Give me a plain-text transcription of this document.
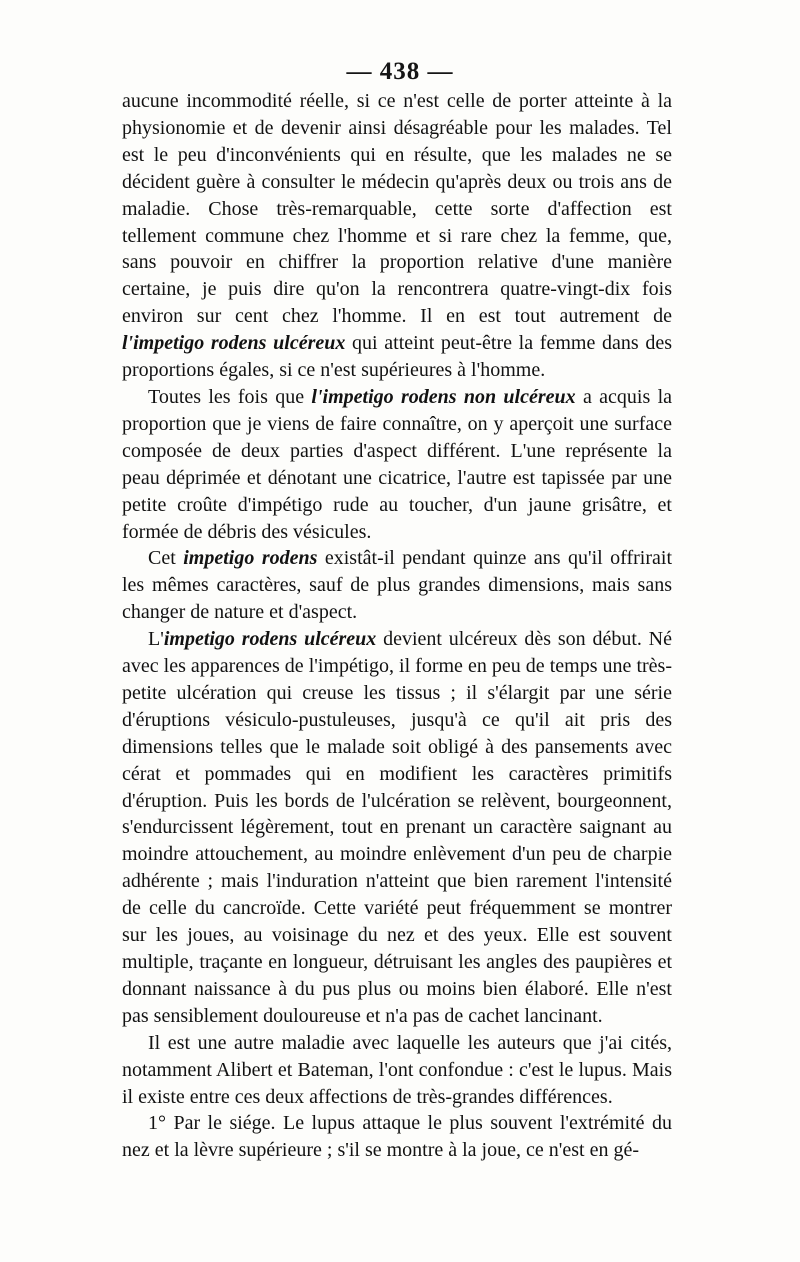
— 438 —

aucune incommodité réelle, si ce n'est celle de porter atteinte à la physionomie et de devenir ainsi désagréable pour les malades. Tel est le peu d'inconvénients qui en résulte, que les malades ne se décident guère à consulter le médecin qu'après deux ou trois ans de maladie. Chose très-remarquable, cette sorte d'affection est tellement commune chez l'homme et si rare chez la femme, que, sans pouvoir en chiffrer la proportion relative d'une manière certaine, je puis dire qu'on la rencontrera quatre-vingt-dix fois environ sur cent chez l'homme. Il en est tout autrement de l'impetigo rodens ulcéreux qui atteint peut-être la femme dans des proportions égales, si ce n'est supérieures à l'homme.

Toutes les fois que l'impetigo rodens non ulcéreux a acquis la proportion que je viens de faire connaître, on y aperçoit une surface composée de deux parties d'aspect différent. L'une représente la peau déprimée et dénotant une cicatrice, l'autre est tapissée par une petite croûte d'impétigo rude au toucher, d'un jaune grisâtre, et formée de débris des vésicules.

Cet impetigo rodens existât-il pendant quinze ans qu'il offrirait les mêmes caractères, sauf de plus grandes dimensions, mais sans changer de nature et d'aspect.

L'impetigo rodens ulcéreux devient ulcéreux dès son début. Né avec les apparences de l'impétigo, il forme en peu de temps une très-petite ulcération qui creuse les tissus ; il s'élargit par une série d'éruptions vésiculo-pustuleuses, jusqu'à ce qu'il ait pris des dimensions telles que le malade soit obligé à des pansements avec cérat et pommades qui en modifient les caractères primitifs d'éruption. Puis les bords de l'ulcération se relèvent, bourgeonnent, s'endurcissent légèrement, tout en prenant un caractère saignant au moindre attouchement, au moindre enlèvement d'un peu de charpie adhérente ; mais l'induration n'atteint que bien rarement l'intensité de celle du cancroïde. Cette variété peut fréquemment se montrer sur les joues, au voisinage du nez et des yeux. Elle est souvent multiple, traçante en longueur, détruisant les angles des paupières et donnant naissance à du pus plus ou moins bien élaboré. Elle n'est pas sensiblement douloureuse et n'a pas de cachet lancinant.

Il est une autre maladie avec laquelle les auteurs que j'ai cités, notamment Alibert et Bateman, l'ont confondue : c'est le lupus. Mais il existe entre ces deux affections de très-grandes différences.

1° Par le siége. Le lupus attaque le plus souvent l'extrémité du nez et la lèvre supérieure ; s'il se montre à la joue, ce n'est en gé-
